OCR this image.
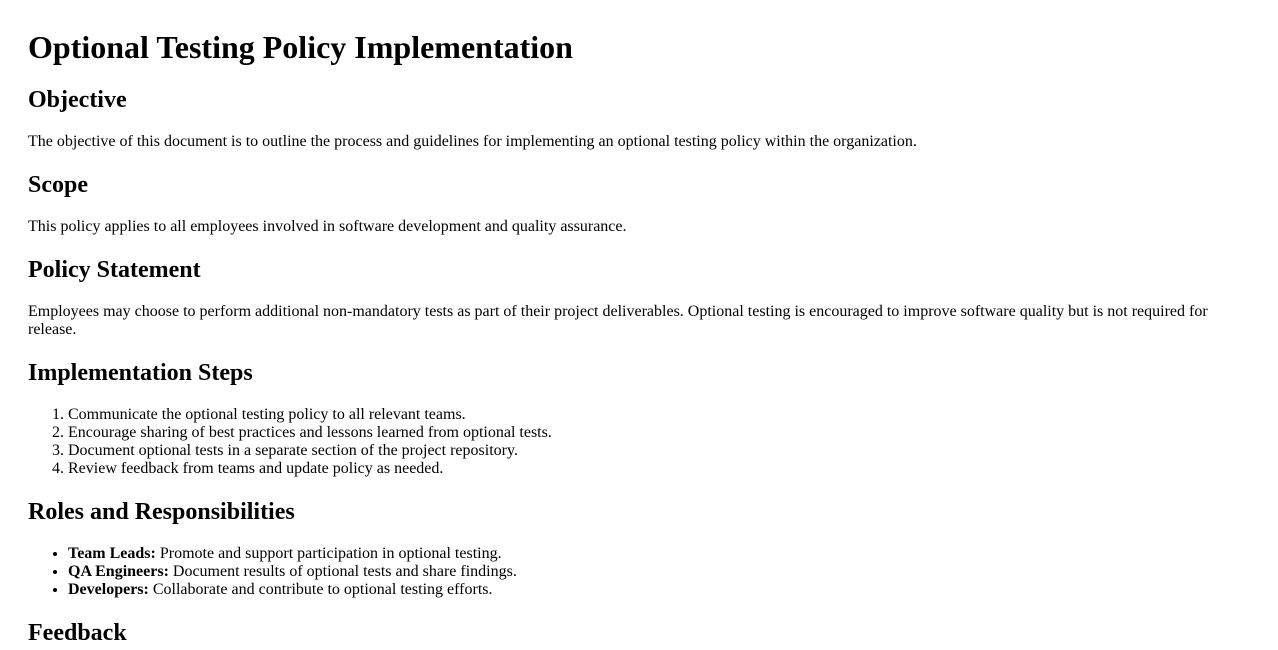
Optional Testing Policy Implementation
Objective

The objective of this document is to outline the process and guidelines for implementing an optional testing policy within the organization.

Scope

This policy applies to all employees involved in software development and quality assurance.

Policy Statement

Employees may choose to perform additional non-mandatory tests as part of their project deliverables. Optional testing is encouraged to improve software quality but is not required for release.

Implementation Steps
1. Communicate the optional testing policy to all relevant teams.
2. Encourage sharing of best practices and lessons learned from optional tests.
3. Document optional tests in a separate section of the project repository.
4. Review feedback from teams and update policy as needed.
Roles and Responsibilities
• Team Leads: Promote and support participation in optional testing.
• QA Engineers: Document results of optional tests and share findings.
• Developers: Collaborate and contribute to optional testing efforts.
Feedback
